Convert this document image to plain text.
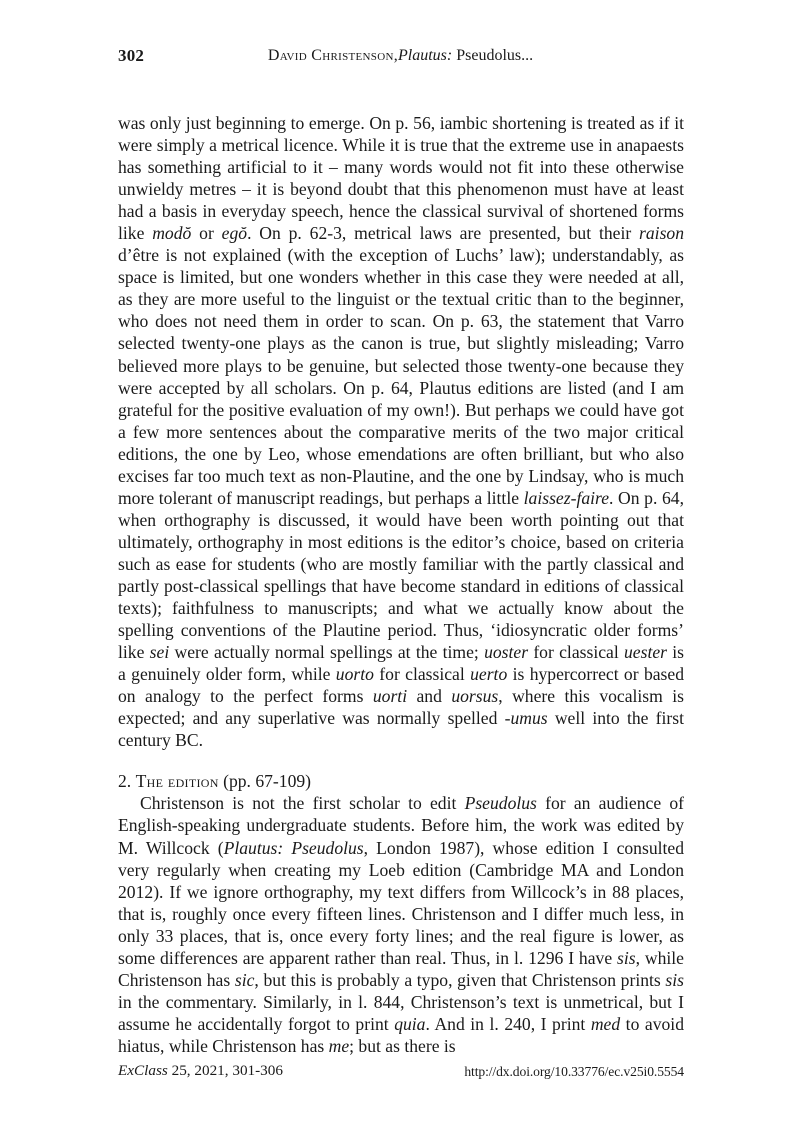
302	David Christenson,Plautus: Pseudolus...

was only just beginning to emerge. On p. 56, iambic shortening is treated as if it were simply a metrical licence. While it is true that the extreme use in anapaests has something artificial to it – many words would not fit into these otherwise unwieldy metres – it is beyond doubt that this phenomenon must have at least had a basis in everyday speech, hence the classical survival of shortened forms like modŏ or egŏ. On p. 62-3, metrical laws are presented, but their raison d’être is not explained (with the exception of Luchs’ law); understandably, as space is limited, but one wonders whether in this case they were needed at all, as they are more useful to the linguist or the textual critic than to the beginner, who does not need them in order to scan. On p. 63, the statement that Varro selected twenty-one plays as the canon is true, but slightly misleading; Varro believed more plays to be genuine, but selected those twenty-one because they were accepted by all scholars. On p. 64, Plautus editions are listed (and I am grateful for the positive evaluation of my own!). But perhaps we could have got a few more sentences about the comparative merits of the two major critical editions, the one by Leo, whose emendations are often brilliant, but who also excises far too much text as non-Plautine, and the one by Lindsay, who is much more tolerant of manuscript readings, but perhaps a little laissez-faire. On p. 64, when orthography is discussed, it would have been worth pointing out that ultimately, orthography in most editions is the editor’s choice, based on criteria such as ease for students (who are mostly familiar with the partly classical and partly post-classical spellings that have become standard in editions of classical texts); faithfulness to manuscripts; and what we actually know about the spelling conventions of the Plautine period. Thus, ‘idiosyncratic older forms’ like sei were actually normal spellings at the time; uoster for classical uester is a genuinely older form, while uorto for classical uerto is hypercorrect or based on analogy to the perfect forms uorti and uorsus, where this vocalism is expected; and any superlative was normally spelled -umus well into the first century BC.

2. The edition (pp. 67-109)

Christenson is not the first scholar to edit Pseudolus for an audience of English-speaking undergraduate students. Before him, the work was edited by M. Willcock (Plautus: Pseudolus, London 1987), whose edition I consulted very regularly when creating my Loeb edition (Cambridge MA and London 2012). If we ignore orthography, my text differs from Willcock’s in 88 places, that is, roughly once every fifteen lines. Christenson and I differ much less, in only 33 places, that is, once every forty lines; and the real figure is lower, as some differences are apparent rather than real. Thus, in l. 1296 I have sis, while Christenson has sic, but this is probably a typo, given that Christenson prints sis in the commentary. Similarly, in l. 844, Christenson’s text is unmetrical, but I assume he accidentally forgot to print quia. And in l. 240, I print med to avoid hiatus, while Christenson has me; but as there is

ExClass 25, 2021, 301-306	http://dx.doi.org/10.33776/ec.v25i0.5554
